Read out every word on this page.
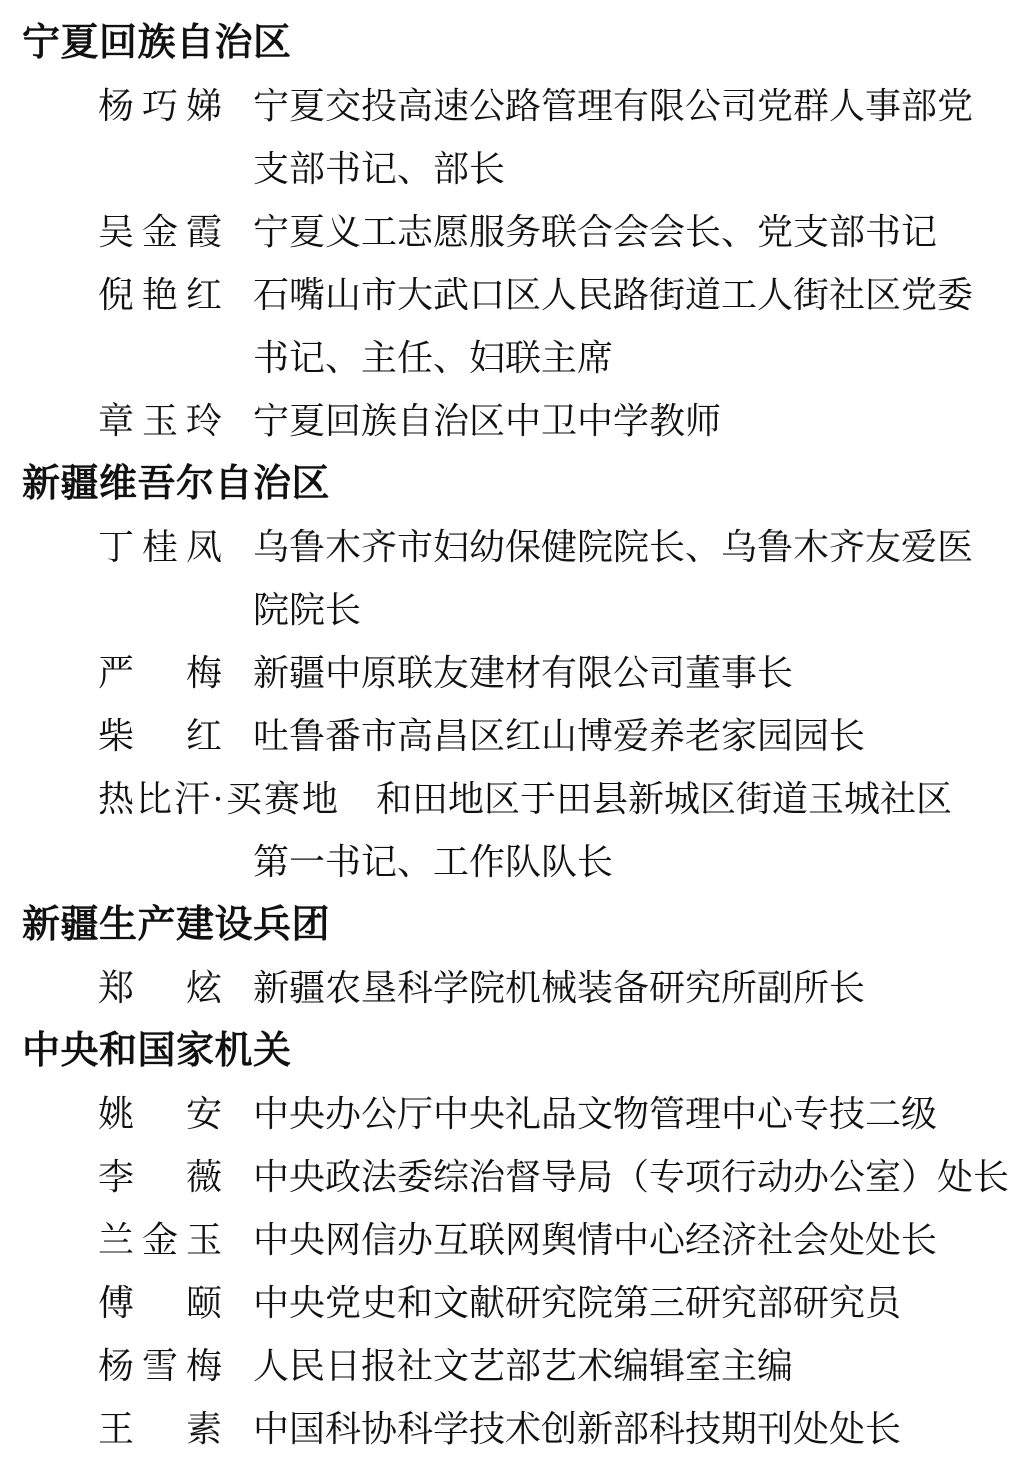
宁夏回族自治区
杨巧娣 宁夏交投高速公路管理有限公司党群人事部党
支部书记、部长
吴金霞 宁夏义工志愿服务联合会会长、党支部书记
倪艳红 石嘴山市大武口区人民路街道工人街社区党委
书记、主任、妇联主席
章玉玲 宁夏回族自治区中卫中学教师
新疆维吾尔自治区
丁桂凤 乌鲁木齐市妇幼保健院院长、乌鲁木齐友爱医
院院长
严梅 新疆中原联友建材有限公司董事长
柴红 吐鲁番市高昌区红山博爱养老家园园长
热比汗·买赛地 和田地区于田县新城区街道玉城社区
第一书记、工作队队长
新疆生产建设兵团
郑炫 新疆农垦科学院机械装备研究所副所长
中央和国家机关
姚安 中央办公厅中央礼品文物管理中心专技二级
李薇 中央政法委综治督导局（专项行动办公室）处长
兰金玉 中央网信办互联网舆情中心经济社会处处长
傅颐 中央党史和文献研究院第三研究部研究员
杨雪梅 人民日报社文艺部艺术编辑室主编
王素 中国科协科学技术创新部科技期刊处处长
